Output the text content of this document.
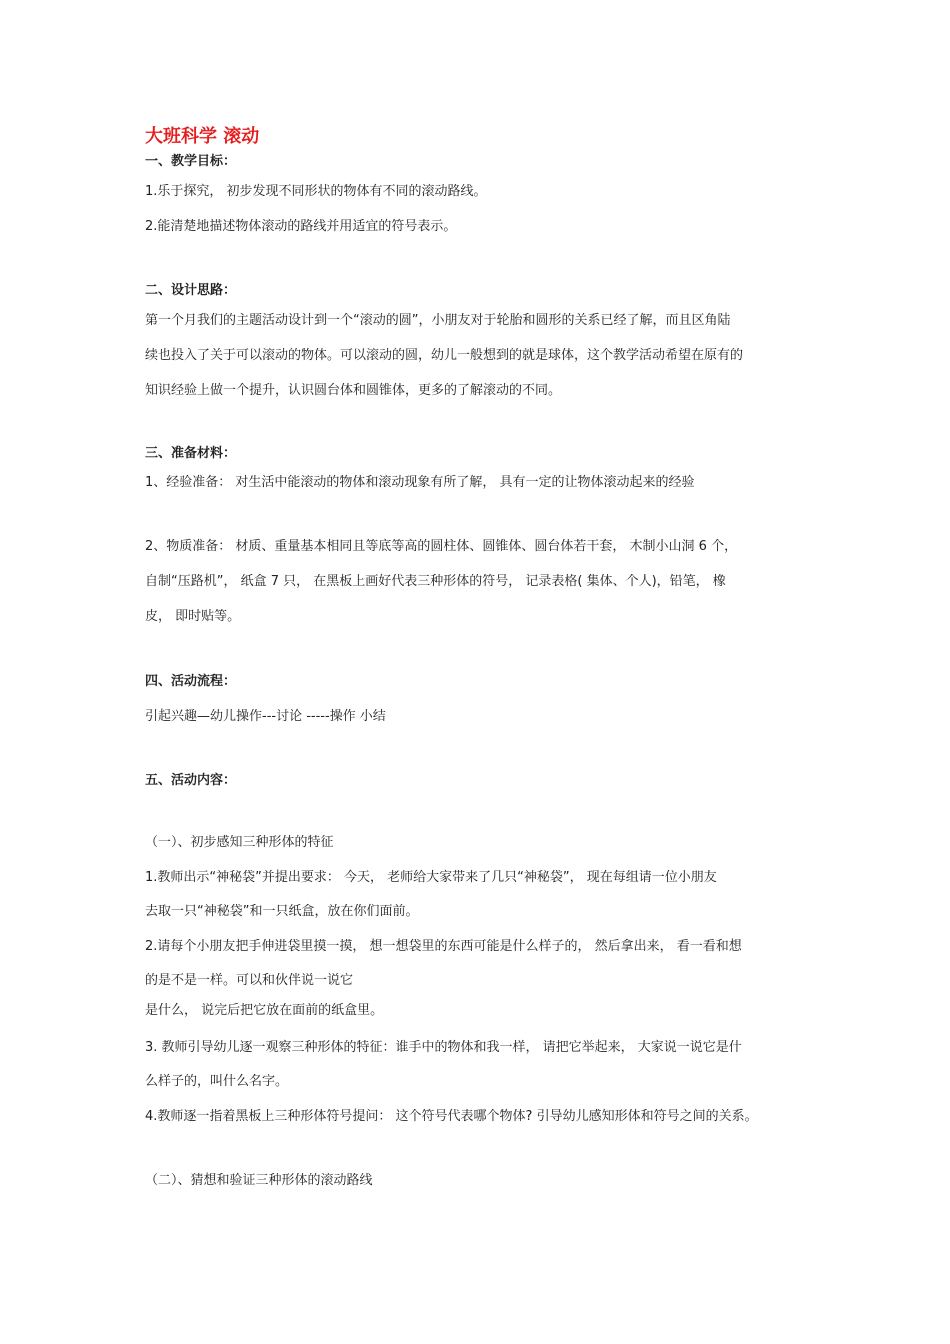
大班科学 滚动
一、教学目标：
1.乐于探究， 初步发现不同形状的物体有不同的滚动路线。
2.能清楚地描述物体滚动的路线并用适宜的符号表示。
二、设计思路：
第一个月我们的主题活动设计到一个“滚动的圆”，小朋友对于轮胎和圆形的关系已经了解，而且区角陆
续也投入了关于可以滚动的物体。可以滚动的圆，幼儿一般想到的就是球体，这个教学活动希望在原有的
知识经验上做一个提升，认识圆台体和圆锥体，更多的了解滚动的不同。
三、准备材料：
1、经验准备： 对生活中能滚动的物体和滚动现象有所了解， 具有一定的让物体滚动起来的经验
2、物质准备： 材质、重量基本相同且等底等高的圆柱体、圆锥体、圆台体若干套， 木制小山洞 6 个，
自制“压路机”， 纸盒 7 只， 在黑板上画好代表三种形体的符号， 记录表格( 集体、个人)，铅笔， 橡
皮， 即时贴等。
四、活动流程：
引起兴趣—幼儿操作---讨论 -----操作 小结
五、活动内容：
（一）、初步感知三种形体的特征
1.教师出示“神秘袋”并提出要求： 今天， 老师给大家带来了几只“神秘袋”， 现在每组请一位小朋友
去取一只“神秘袋”和一只纸盒，放在你们面前。
2.请每个小朋友把手伸进袋里摸一摸， 想一想袋里的东西可能是什么样子的， 然后拿出来， 看一看和想
的是不是一样。可以和伙伴说一说它
是什么， 说完后把它放在面前的纸盒里。
3. 教师引导幼儿逐一观察三种形体的特征：谁手中的物体和我一样， 请把它举起来， 大家说一说它是什
么样子的，叫什么名字。
4.教师逐一指着黑板上三种形体符号提问： 这个符号代表哪个物体? 引导幼儿感知形体和符号之间的关系。
（二）、猜想和验证三种形体的滚动路线
